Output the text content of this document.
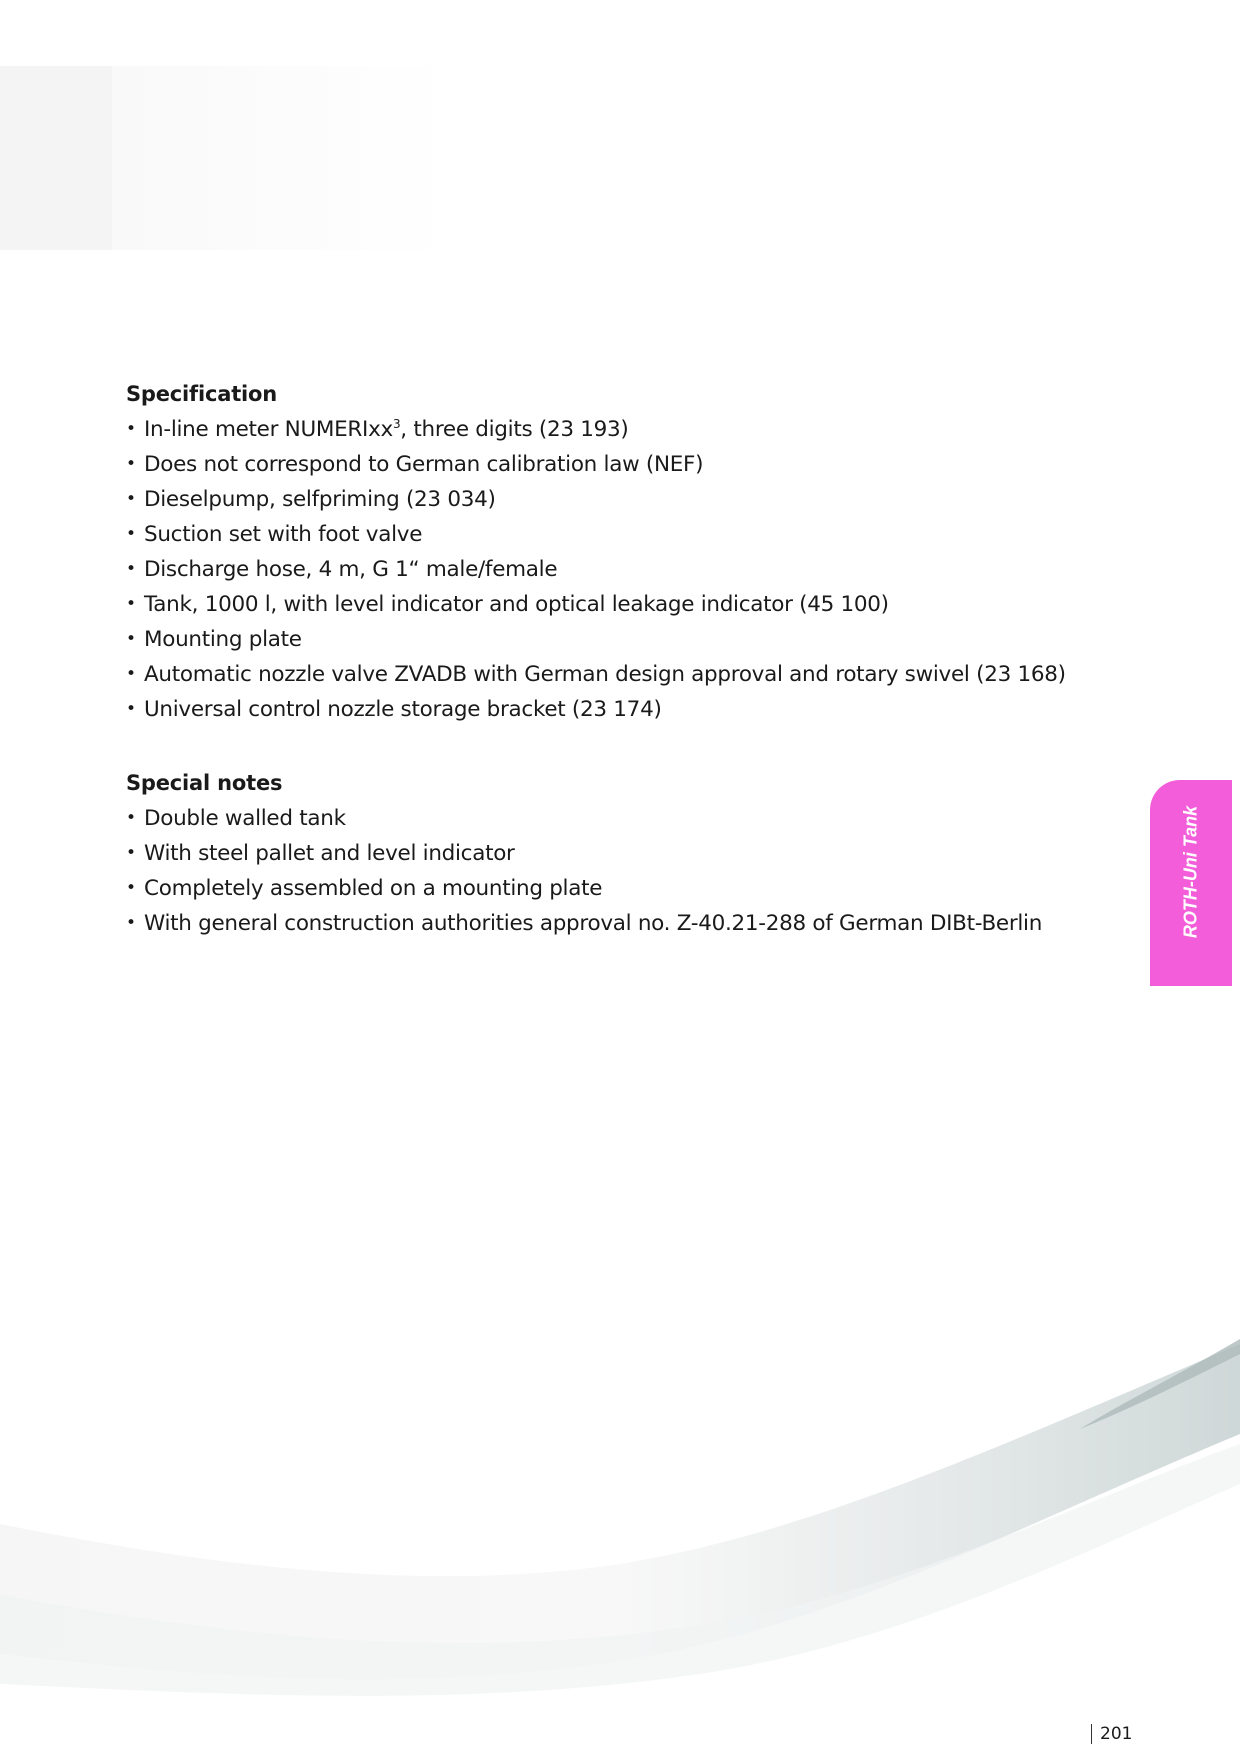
Specification
• In-line meter NUMERIxx$^3$, three digits (23 193)
• Does not correspond to German calibration law (NEF)
• Dieselpump, selfpriming (23 034)
• Suction set with foot valve
• Discharge hose, 4 m, G 1“ male/female
• Tank, 1000 l, with level indicator and optical leakage indicator (45 100)
• Mounting plate
• Automatic nozzle valve ZVADB with German design approval and rotary swivel (23 168)
• Universal control nozzle storage bracket (23 174)
Special notes
• Double walled tank
• With steel pallet and level indicator
• Completely assembled on a mounting plate
• With general construction authorities approval no. Z-40.21-288 of German DIBt-Berlin	ROTH-Uni Tank
201
